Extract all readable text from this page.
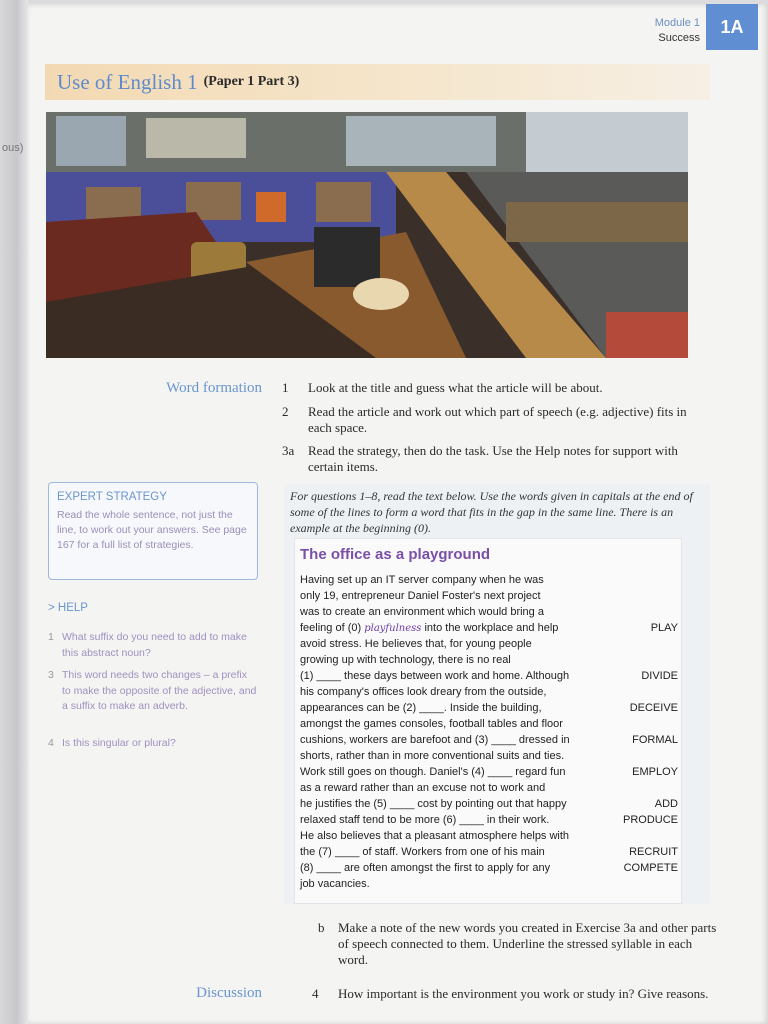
ous)
Module 1
Success
1A
Use of English 1 (Paper 1 Part 3)
Word formation 1 Look at the title and guess what the article will be about.
2 Read the article and work out which part of speech (e.g. adjective) fits in each space.
3a Read the strategy, then do the task. Use the Help notes for support with certain items.
EXPERT STRATEGY
Read the whole sentence, not just the line, to work out your answers. See page 167 for a full list of strategies.
> HELP
1 What suffix do you need to add to make this abstract noun?
3 This word needs two changes – a prefix to make the opposite of the adjective, and a suffix to make an adverb.
4 Is this singular or plural?
For questions 1–8, read the text below. Use the words given in capitals at the end of some of the lines to form a word that fits in the gap in the same line. There is an example at the beginning (0).
The office as a playground
Having set up an IT server company when he was
only 19, entrepreneur Daniel Foster's next project
was to create an environment which would bring a
feeling of (0) playfulness into the workplace and help
avoid stress. He believes that, for young people
growing up with technology, there is no real
(1) ____ these days between work and home. Although
his company's offices look dreary from the outside,
appearances can be (2) ____. Inside the building,
amongst the games consoles, football tables and floor
cushions, workers are barefoot and (3) ____ dressed in
shorts, rather than in more conventional suits and ties.
Work still goes on though. Daniel's (4) ____ regard fun
as a reward rather than an excuse not to work and
he justifies the (5) ____ cost by pointing out that happy
relaxed staff tend to be more (6) ____ in their work.
He also believes that a pleasant atmosphere helps with
the (7) ____ of staff. Workers from one of his main
(8) ____ are often amongst the first to apply for any
job vacancies.
PLAY
DIVIDE
DECEIVE
FORMAL
EMPLOY
ADD
PRODUCE
RECRUIT
COMPETE
b Make a note of the new words you created in Exercise 3a and other parts of speech connected to them. Underline the stressed syllable in each word.
Discussion	4 How important is the environment you work or study in? Give reasons.
